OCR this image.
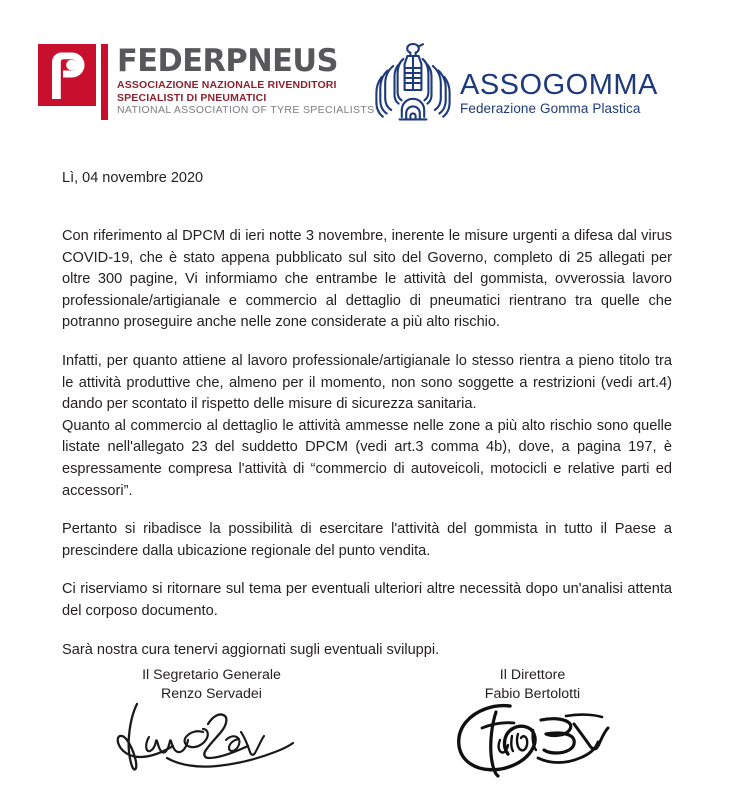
FEDERPNEUS
ASSOCIAZIONE NAZIONALE RIVENDITORI
SPECIALISTI DI PNEUMATICI
NATIONAL ASSOCIATION OF TYRE SPECIALISTS
ASSOGOMMA
Federazione Gomma Plastica
Lì, 04 novembre 2020

Con riferimento al DPCM di ieri notte 3 novembre, inerente le misure urgenti a difesa dal virus COVID-19, che è stato appena pubblicato sul sito del Governo, completo di 25 allegati per oltre 300 pagine, Vi informiamo che entrambe le attività del gommista, ovverossia lavoro professionale/artigianale e commercio al dettaglio di pneumatici rientrano tra quelle che potranno proseguire anche nelle zone considerate a più alto rischio.

Infatti, per quanto attiene al lavoro professionale/artigianale lo stesso rientra a pieno titolo tra le attività produttive che, almeno per il momento, non sono soggette a restrizioni (vedi art.4) dando per scontato il rispetto delle misure di sicurezza sanitaria.

Quanto al commercio al dettaglio le attività ammesse nelle zone a più alto rischio sono quelle listate nell'allegato 23 del suddetto DPCM (vedi art.3 comma 4b), dove, a pagina 197, è espressamente compresa l'attività di “commercio di autoveicoli, motocicli e relative parti ed accessori”.

Pertanto si ribadisce la possibilità di esercitare l'attività del gommista in tutto il Paese a prescindere dalla ubicazione regionale del punto vendita.

Ci riserviamo si ritornare sul tema per eventuali ulteriori altre necessità dopo un'analisi attenta del corposo documento.

Sarà nostra cura tenervi aggiornati sugli eventuali sviluppi.

Il Segretario Generale
Renzo Servadei
Il Direttore
Fabio Bertolotti
